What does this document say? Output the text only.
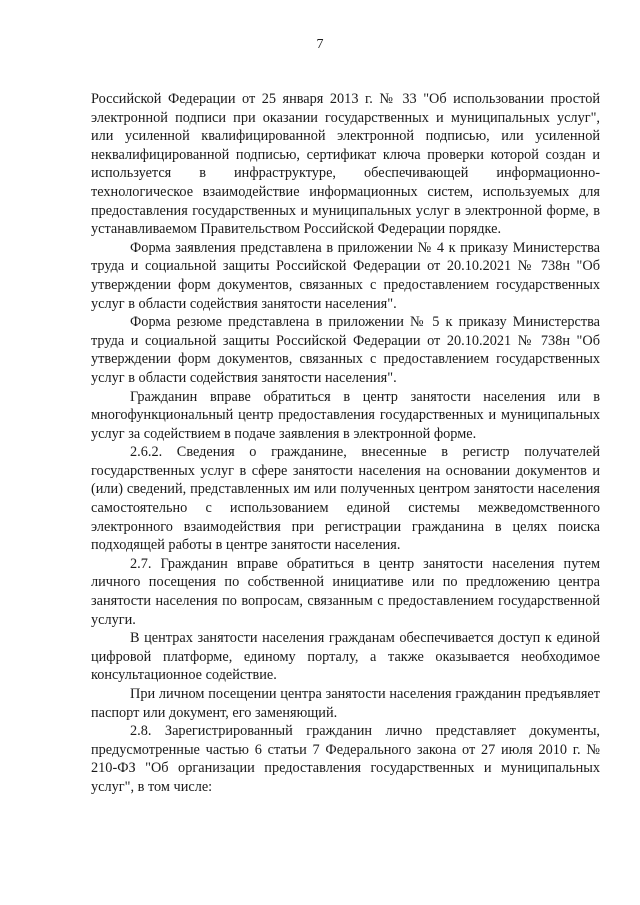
7

Российской Федерации от 25 января 2013 г. № 33 "Об использовании простой электронной подписи при оказании государственных и муниципальных услуг", или усиленной квалифицированной электронной подписью, или усиленной неквалифицированной подписью, сертификат ключа проверки которой создан и используется в инфраструктуре, обеспечивающей информационно-технологическое взаимодействие информационных систем, используемых для предоставления государственных и муниципальных услуг в электронной форме, в устанавливаемом Правительством Российской Федерации порядке.

Форма заявления представлена в приложении № 4 к приказу Министерства труда и социальной защиты Российской Федерации от 20.10.2021 № 738н "Об утверждении форм документов, связанных с предоставлением государственных услуг в области содействия занятости населения".

Форма резюме представлена в приложении № 5 к приказу Министерства труда и социальной защиты Российской Федерации от 20.10.2021 № 738н "Об утверждении форм документов, связанных с предоставлением государственных услуг в области содействия занятости населения".

Гражданин вправе обратиться в центр занятости населения или в многофункциональный центр предоставления государственных и муниципальных услуг за содействием в подаче заявления в электронной форме.

2.6.2. Сведения о гражданине, внесенные в регистр получателей государственных услуг в сфере занятости населения на основании документов и (или) сведений, представленных им или полученных центром занятости населения самостоятельно с использованием единой системы межведомственного электронного взаимодействия при регистрации гражданина в целях поиска подходящей работы в центре занятости населения.

2.7. Гражданин вправе обратиться в центр занятости населения путем личного посещения по собственной инициативе или по предложению центра занятости населения по вопросам, связанным с предоставлением государственной услуги.

В центрах занятости населения гражданам обеспечивается доступ к единой цифровой платформе, единому порталу, а также оказывается необходимое консультационное содействие.

При личном посещении центра занятости населения гражданин предъявляет паспорт или документ, его заменяющий.

2.8. Зарегистрированный гражданин лично представляет документы, предусмотренные частью 6 статьи 7 Федерального закона от 27 июля 2010 г. № 210-ФЗ "Об организации предоставления государственных и муниципальных услуг", в том числе:
